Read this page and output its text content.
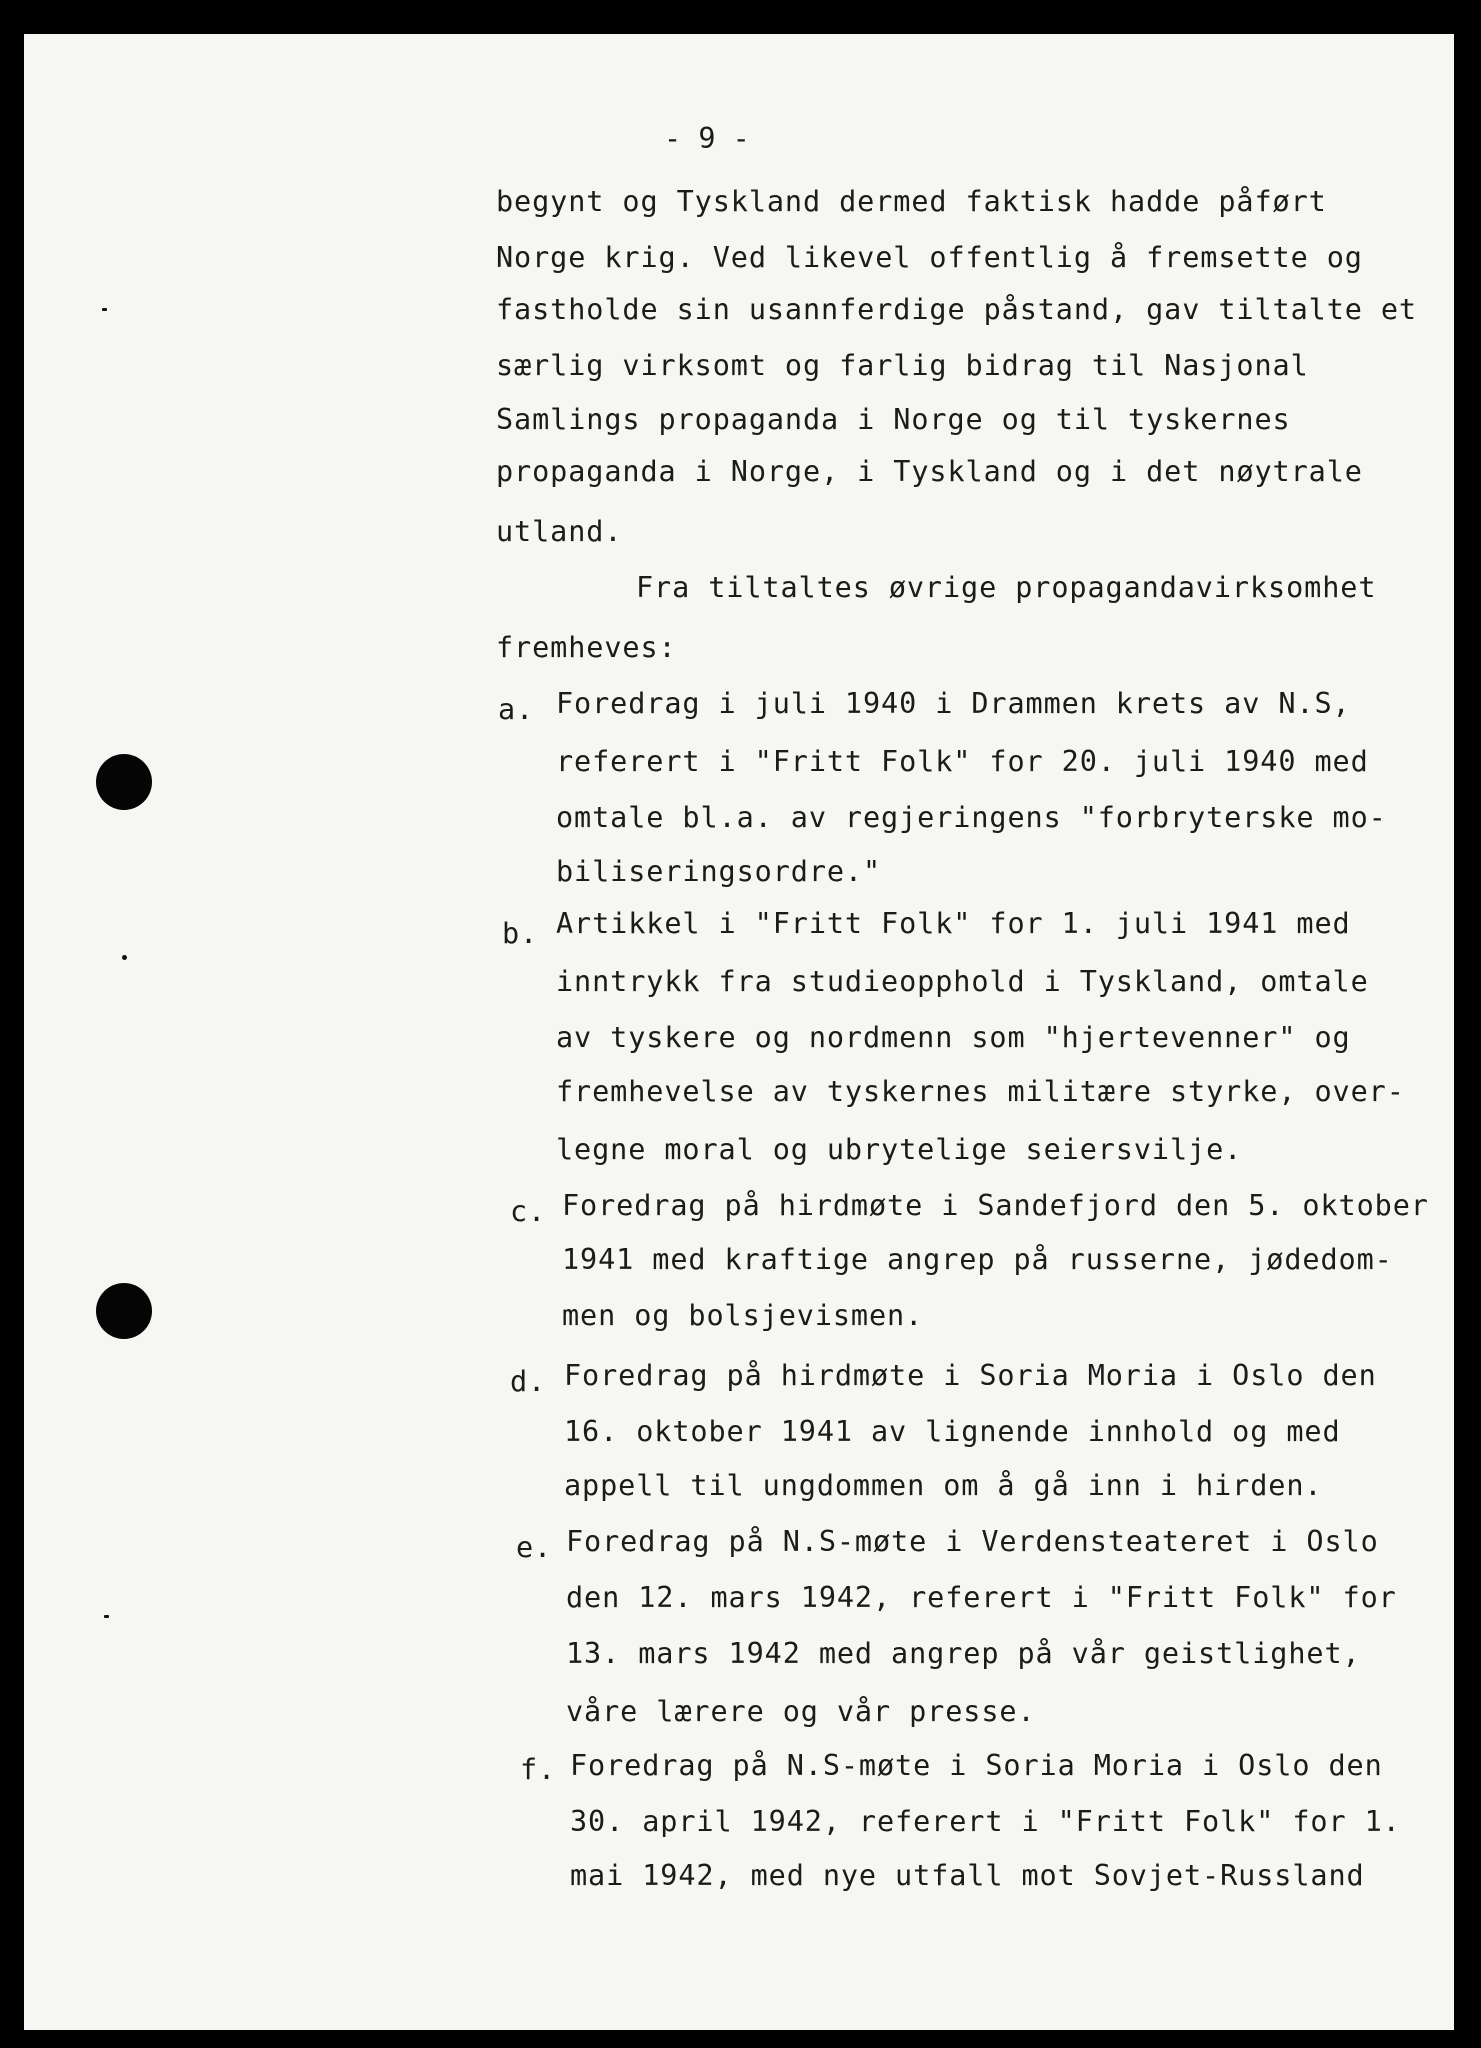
- 9 -

begynt og Tyskland dermed faktisk hadde påført

Norge krig. Ved likevel offentlig å fremsette og

fastholde sin usannferdige påstand, gav tiltalte et

særlig virksomt og farlig bidrag til Nasjonal

Samlings propaganda i Norge og til tyskernes

propaganda i Norge, i Tyskland og i det nøytrale

utland.

Fra tiltaltes øvrige propagandavirksomhet

fremheves:

a. Foredrag i juli 1940 i Drammen krets av N.S,

referert i "Fritt Folk" for 20. juli 1940 med

omtale bl.a. av regjeringens "forbryterske mo-

biliseringsordre."

b. Artikkel i "Fritt Folk" for 1. juli 1941 med

inntrykk fra studieopphold i Tyskland, omtale

av tyskere og nordmenn som "hjertevenner" og

fremhevelse av tyskernes militære styrke, over-

legne moral og ubrytelige seiersvilje.

c. Foredrag på hirdmøte i Sandefjord den 5. oktober

1941 med kraftige angrep på russerne, jødedom-

men og bolsjevismen.

d. Foredrag på hirdmøte i Soria Moria i Oslo den

16. oktober 1941 av lignende innhold og med

appell til ungdommen om å gå inn i hirden.

e. Foredrag på N.S-møte i Verdensteateret i Oslo

den 12. mars 1942, referert i "Fritt Folk" for

13. mars 1942 med angrep på vår geistlighet,

våre lærere og vår presse.

f. Foredrag på N.S-møte i Soria Moria i Oslo den

30. april 1942, referert i "Fritt Folk" for 1.

mai 1942, med nye utfall mot Sovjet-Russland
